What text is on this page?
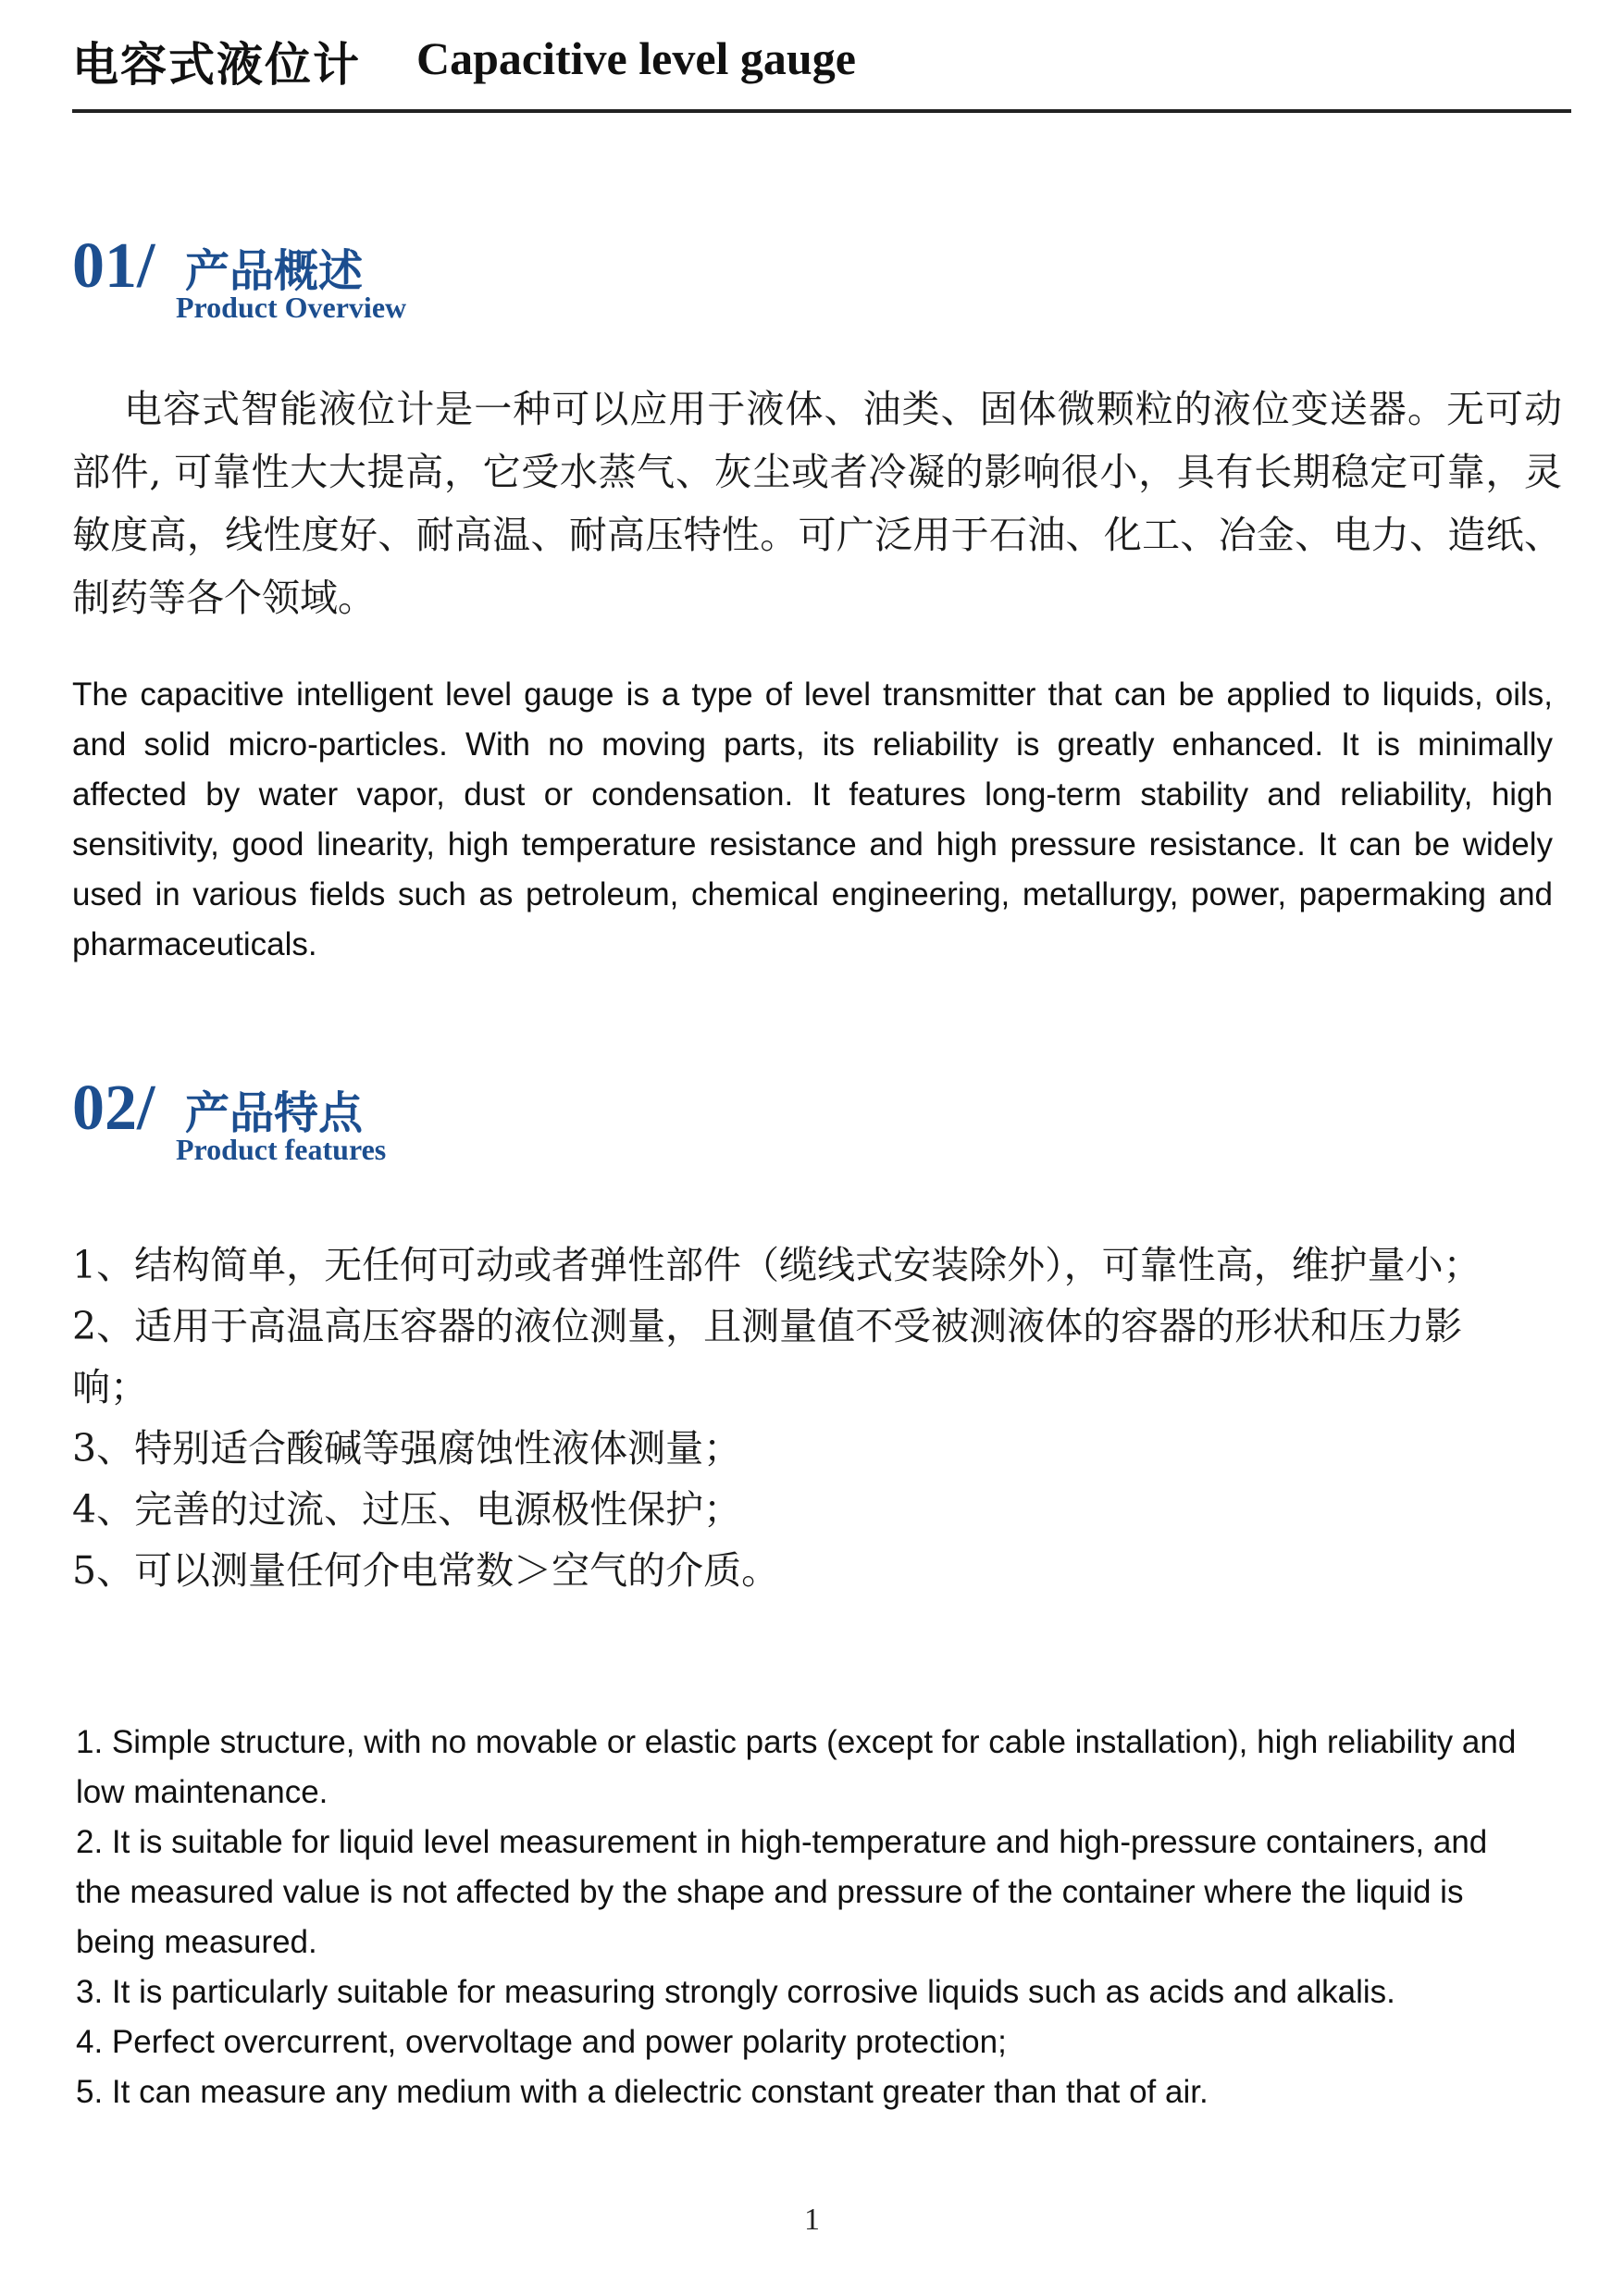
电容式液位计 Capacitive level gauge
01/ 产品概述
Product Overview

电容式智能液位计是一种可以应用于液体、油类、固体微颗粒的液位变送器。无可动部件, 可靠性大大提高，它受水蒸气、灰尘或者冷凝的影响很小，具有长期稳定可靠，灵敏度高，线性度好、耐高温、耐高压特性。可广泛用于石油、化工、冶金、电力、造纸、制药等各个领域。

The capacitive intelligent level gauge is a type of level transmitter that can be applied to liquids, oils, and solid micro-particles. With no moving parts, its reliability is greatly enhanced. It is minimally affected by water vapor, dust or condensation. It features long-term stability and reliability, high sensitivity, good linearity, high temperature resistance and high pressure resistance. It can be widely used in various fields such as petroleum, chemical engineering, metallurgy, power, papermaking and pharmaceuticals.

02/ 产品特点
Product features
1、结构简单，无任何可动或者弹性部件（缆线式安装除外），可靠性高，维护量小；
2、适用于高温高压容器的液位测量，且测量值不受被测液体的容器的形状和压力影响；
3、特别适合酸碱等强腐蚀性液体测量；
4、完善的过流、过压、电源极性保护；
5、可以测量任何介电常数＞空气的介质。
1. Simple structure, with no movable or elastic parts (except for cable installation), high reliability and low maintenance.
2. It is suitable for liquid level measurement in high-temperature and high-pressure containers, and the measured value is not affected by the shape and pressure of the container where the liquid is being measured.
3. It is particularly suitable for measuring strongly corrosive liquids such as acids and alkalis.
4. Perfect overcurrent, overvoltage and power polarity protection;
5. It can measure any medium with a dielectric constant greater than that of air.
1
